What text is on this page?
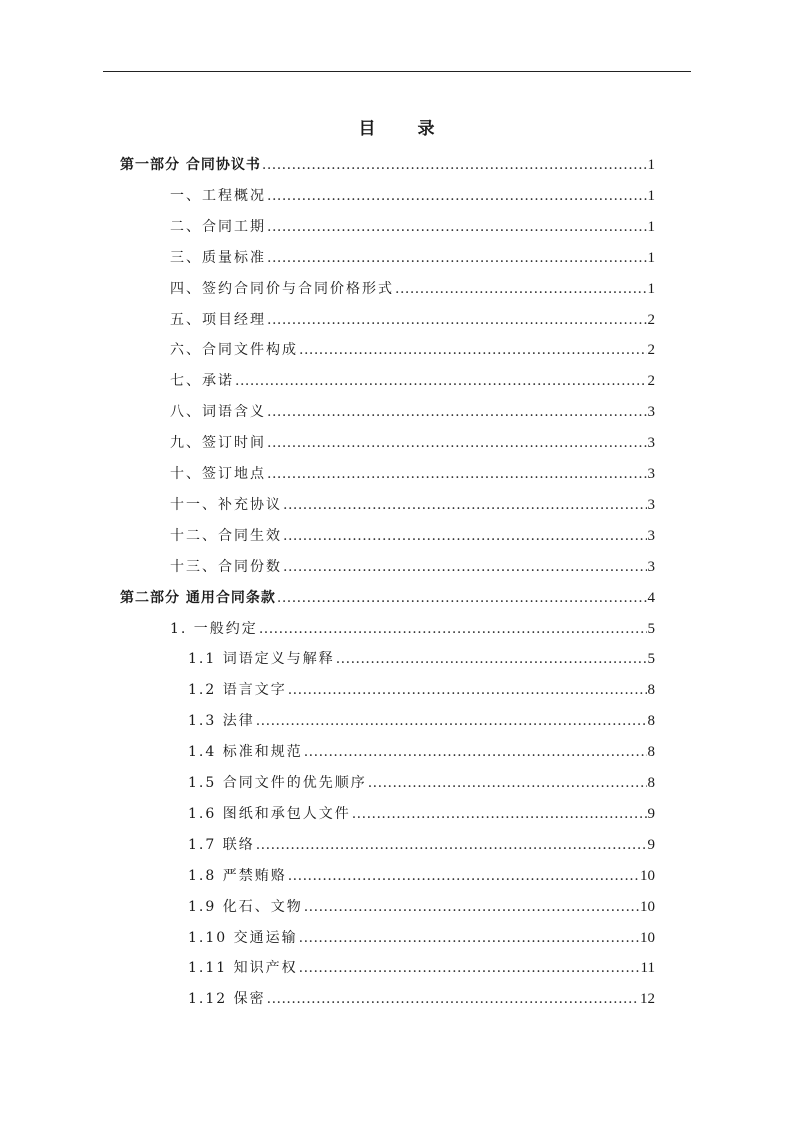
目 录
第一部分 合同协议书 .....	1
一、工程概况 .....	1
二、合同工期 .....	1
三、质量标准 .....	1
四、签约合同价与合同价格形式 .....	1
五、项目经理 .....	2
六、合同文件构成 .....	2
七、承诺 .....	2
八、词语含义 .....	3
九、签订时间 .....	3
十、签订地点 .....	3
十一、补充协议 .....	3
十二、合同生效 .....	3
十三、合同份数 .....	3
第二部分 通用合同条款 .....	4
1. 一般约定 .....	5
1.1 词语定义与解释 .....	5
1.2 语言文字 .....	8
1.3 法律 .....	8
1.4 标准和规范 .....	8
1.5 合同文件的优先顺序 .....	8
1.6 图纸和承包人文件 .....	9
1.7 联络 .....	9
1.8 严禁贿赂 .....	10
1.9 化石、文物 .....	10
1.10 交通运输 .....	10
1.11 知识产权 .....	11
1.12 保密 .....	12
